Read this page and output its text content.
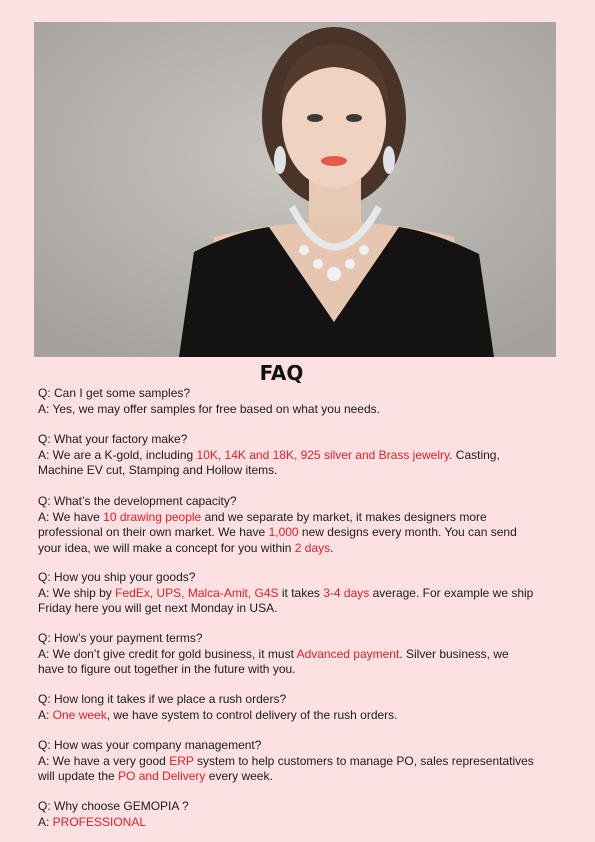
FAQ
Q: Can I get some samples?
A: Yes, we may offer samples for free based on what you needs.
Q: What your factory make?
A: We are a K-gold, including 10K, 14K and 18K, 925 silver and Brass jewelry. Casting, Machine EV cut, Stamping and Hollow items.
Q: What’s the development capacity?
A: We have 10 drawing people and we separate by market, it makes designers more professional on their own market. We have 1,000 new designs every month. You can send your idea, we will make a concept for you within 2 days.
Q: How you ship your goods?
A: We ship by FedEx, UPS, Malca-Amit, G4S it takes 3-4 days average. For example we ship Friday here you will get next Monday in USA.
Q: How’s your payment terms?
A: We don’t give credit for gold business, it must Advanced payment. Silver business, we have to figure out together in the future with you.
Q: How long it takes if we place a rush orders?
A: One week, we have system to control delivery of the rush orders.
Q: How was your company management?
A: We have a very good ERP system to help customers to manage PO, sales representatives will update the PO and Delivery every week.
Q: Why choose GEMOPIA ?
A: PROFESSIONAL
